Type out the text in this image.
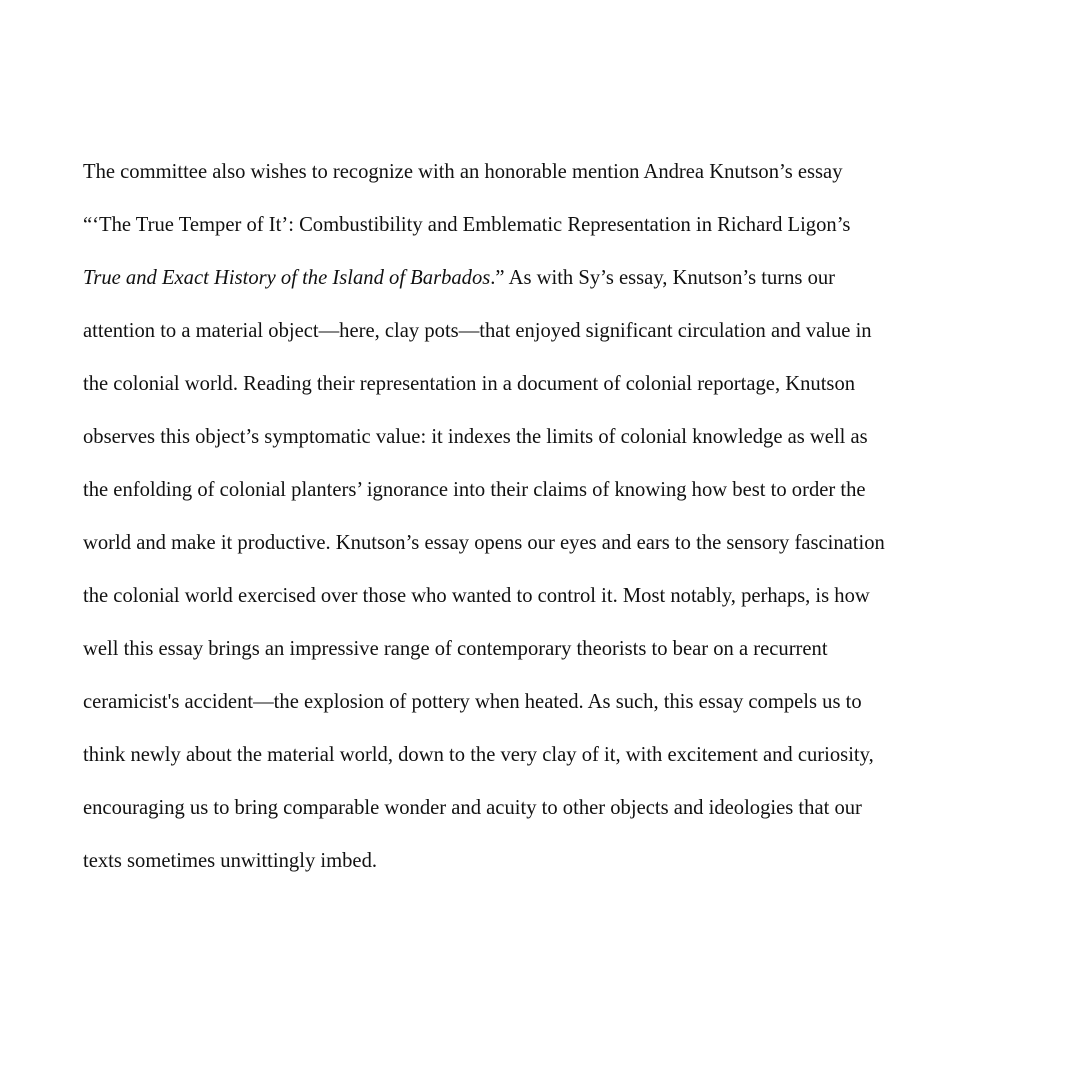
The committee also wishes to recognize with an honorable mention Andrea Knutson’s essay
“‘The True Temper of It’: Combustibility and Emblematic Representation in Richard Ligon’s
True and Exact History of the Island of Barbados.” As with Sy’s essay, Knutson’s turns our
attention to a material object—here, clay pots—that enjoyed significant circulation and value in
the colonial world. Reading their representation in a document of colonial reportage, Knutson
observes this object’s symptomatic value: it indexes the limits of colonial knowledge as well as
the enfolding of colonial planters’ ignorance into their claims of knowing how best to order the
world and make it productive. Knutson’s essay opens our eyes and ears to the sensory fascination
the colonial world exercised over those who wanted to control it. Most notably, perhaps, is how
well this essay brings an impressive range of contemporary theorists to bear on a recurrent
ceramicist's accident—the explosion of pottery when heated. As such, this essay compels us to
think newly about the material world, down to the very clay of it, with excitement and curiosity,
encouraging us to bring comparable wonder and acuity to other objects and ideologies that our
texts sometimes unwittingly imbed.
